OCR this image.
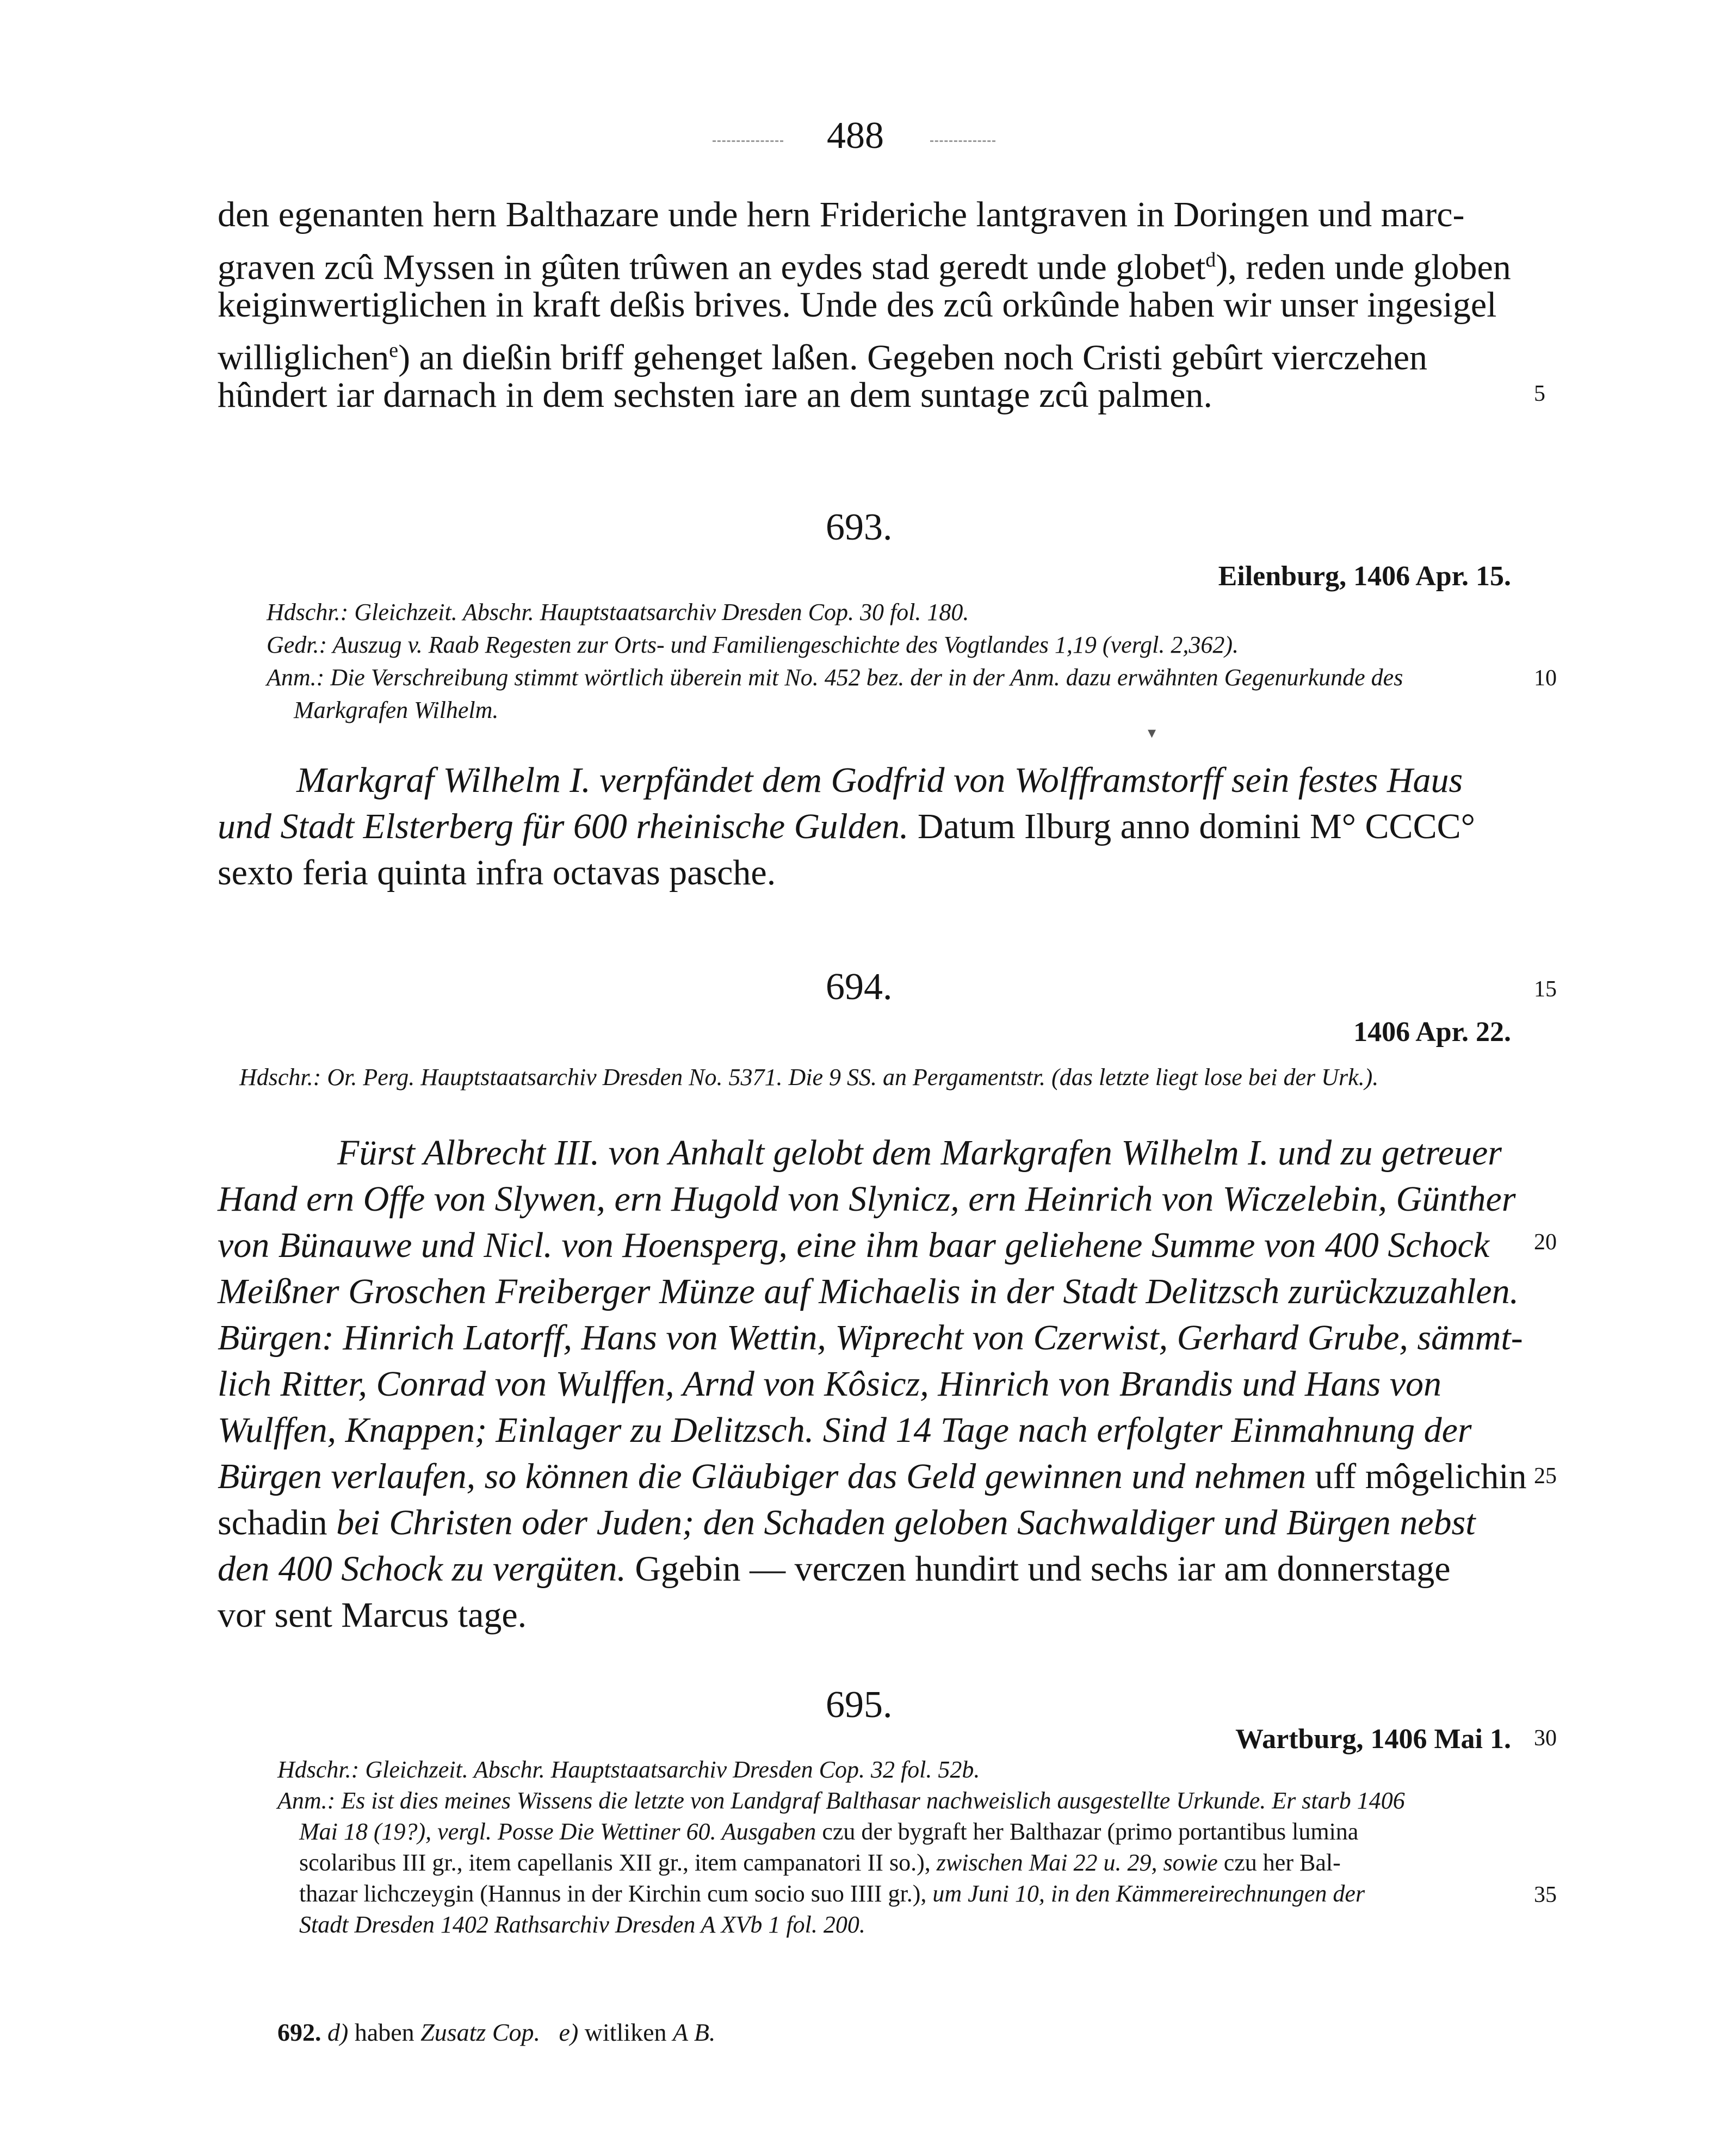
488
den egenanten hern Balthazare unde hern Frideriche lantgraven in Doringen und marc-
graven zcû Myssen in gûten trûwen an eydes stad geredt unde globet$^d$), reden unde globen
keiginwertiglichen in kraft deßis brives. Unde des zcû orkûnde haben wir unser ingesigel
williglichen$^e$) an dießin briff gehenget laßen. Gegeben noch Cristi gebûrt vierczehen
hûndert iar darnach in dem sechsten iare an dem suntage zcû palmen.	5
693.
Eilenburg, 1406 Apr. 15.
Hdschr.: Gleichzeit. Abschr. Hauptstaatsarchiv Dresden Cop. 30 fol. 180.
Gedr.: Auszug v. Raab Regesten zur Orts- und Familiengeschichte des Vogtlandes 1,19 (vergl. 2,362).
Anm.: Die Verschreibung stimmt wörtlich überein mit No. 452 bez. der in der Anm. dazu erwähnten Gegenurkunde des	10
Markgrafen Wilhelm.
▾
Markgraf Wilhelm I. verpfändet dem Godfrid von Wolfframstorff sein festes Haus
und Stadt Elsterberg für 600 rheinische Gulden. Datum Ilburg anno domini M° CCCC°
sexto feria quinta infra octavas pasche.
694.	15
1406 Apr. 22.
Hdschr.: Or. Perg. Hauptstaatsarchiv Dresden No. 5371. Die 9 SS. an Pergamentstr. (das letzte liegt lose bei der Urk.).
Fürst Albrecht III. von Anhalt gelobt dem Markgrafen Wilhelm I. und zu getreuer
Hand ern Offe von Slywen, ern Hugold von Slynicz, ern Heinrich von Wiczelebin, Günther
von Bünauwe und Nicl. von Hoensperg, eine ihm baar geliehene Summe von 400 Schock
Meißner Groschen Freiberger Münze auf Michaelis in der Stadt Delitzsch zurückzuzahlen.
Bürgen: Hinrich Latorff, Hans von Wettin, Wiprecht von Czerwist, Gerhard Grube, sämmt-
lich Ritter, Conrad von Wulffen, Arnd von Kôsicz, Hinrich von Brandis und Hans von
Wulffen, Knappen; Einlager zu Delitzsch. Sind 14 Tage nach erfolgter Einmahnung der
Bürgen verlaufen, so können die Gläubiger das Geld gewinnen und nehmen uff môgelichin
schadin bei Christen oder Juden; den Schaden geloben Sachwaldiger und Bürgen nebst
den 400 Schock zu vergüten. Ggebin — verczen hundirt und sechs iar am donnerstage
vor sent Marcus tage.
20
25
695.
Wartburg, 1406 Mai 1. 30
Hdschr.: Gleichzeit. Abschr. Hauptstaatsarchiv Dresden Cop. 32 fol. 52b.
Anm.: Es ist dies meines Wissens die letzte von Landgraf Balthasar nachweislich ausgestellte Urkunde. Er starb 1406
Mai 18 (19?), vergl. Posse Die Wettiner 60. Ausgaben czu der bygraft her Balthazar (primo portantibus lumina
scolaribus III gr., item capellanis XII gr., item campanatori II so.), zwischen Mai 22 u. 29, sowie czu her Bal-
thazar lichczeygin (Hannus in der Kirchin cum socio suo IIII gr.), um Juni 10, in den Kämmereirechnungen der	35
Stadt Dresden 1402 Rathsarchiv Dresden A XVb 1 fol. 200.
692. d) haben Zusatz Cop.   e) witliken A B.
